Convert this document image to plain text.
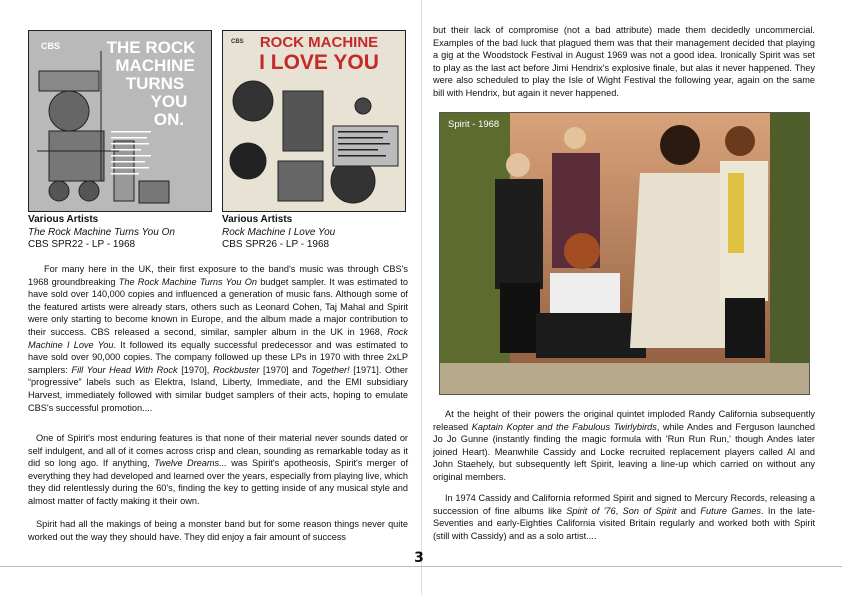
CBS	THE ROCK
MACHINE
TURNS
YOU
ON.
CBS ROCK MACHINE
I LOVE YOU
Various Artists
The Rock Machine Turns You On
CBS SPR22 - LP - 1968
Various Artists
Rock Machine I Love You
CBS SPR26 - LP - 1968

For many here in the UK, their first exposure to the band's music was through CBS's 1968 groundbreaking The Rock Machine Turns You On budget sampler. It was estimated to have sold over 140,000 copies and influenced a generation of music fans. Although some of the featured artists were already stars, others such as Leonard Cohen, Taj Mahal and Spirit were only starting to become known in Europe, and the album made a major contribution to their success. CBS released a second, similar, sampler album in the UK in 1968, Rock Machine I Love You. It followed its equally successful predecessor and was estimated to have sold over 90,000 copies. The company followed up these LPs in 1970 with three 2xLP samplers: Fill Your Head With Rock [1970], Rockbuster [1970] and Together! [1971]. Other “progressive” labels such as Elektra, Island, Liberty, Immediate, and the EMI subsidiary Harvest, immediately followed with similar budget samplers of their acts, hoping to emulate CBS's successful promotion....

One of Spirit's most enduring features is that none of their material never sounds dated or self indulgent, and all of it comes across crisp and clean, sounding as remarkable today as it did so long ago. If anything, Twelve Dreams... was Spirit's apotheosis, Spirit's merger of everything they had developed and learned over the years, especially from playing live, which they did relentlessly during the 60's, finding the key to getting inside of any musical style and almost matter of factly making it their own.

Spirit had all the makings of being a monster band but for some reason things never quite worked out the way they should have. They did enjoy a fair amount of success

but their lack of compromise (not a bad attribute) made them decidedly uncommercial. Examples of the bad luck that plagued them was that their management decided that playing a gig at the Woodstock Festival in August 1969 was not a good idea. Ironically Spirit was set to play as the last act before Jimi Hendrix's explosive finale, but alas it never happened. They were also scheduled to play the Isle of Wight Festival the following year, again on the same bill with Hendrix, but again it never happened.

Spirit - 1968

At the height of their powers the original quintet imploded Randy California subsequently released Kaptain Kopter and the Fabulous Twirlybirds, while Andes and Ferguson launched Jo Jo Gunne (instantly finding the magic formula with 'Run Run Run,' though Andes later joined Heart). Meanwhile Cassidy and Locke recruited replacement players called Al and John Staehely, but subsequently left Spirit, leaving a line-up which carried on without any original members.

In 1974 Cassidy and California reformed Spirit and signed to Mercury Records, releasing a succession of fine albums like Spirit of '76, Son of Spirit and Future Games. In the late-Seventies and early-Eighties California visited Britain regularly and worked both with Spirit (still with Cassidy) and as a solo artist....

3
